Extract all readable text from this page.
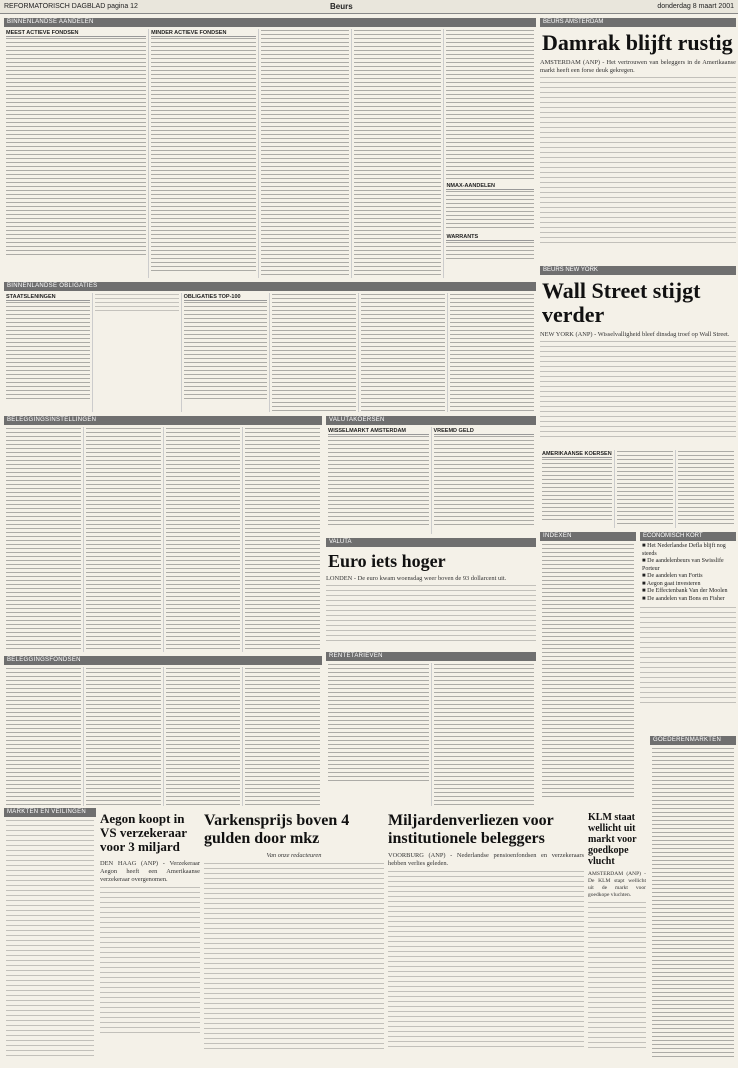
REFORMATORISCH DAGBLAD pagina 12	Beurs	donderdag 8 maart 2001
BINNENLANDSE AANDELEN
MEEST ACTIEVE FONDSEN	MINDER ACTIEVE FONDSEN
NMAX-AANDELEN
WARRANTS
BINNENLANDSE OBLIGATIES
STAATSLENINGEN	OBLIGATIES TOP-100
BELEGGINGSINSTELLINGEN	VALUTAKOERSEN
WISSELMARKT AMSTERDAM	VREEMD GELD
VALUTA
Euro iets hoger
LONDEN - De euro kwam woensdag weer boven de 93 dollarcent uit.
BELEGGINGSFONDSEN
RENTETARIEVEN
MARKTEN EN VEILINGEN	Aegon koopt in VS verzekeraar voor 3 miljard
DEN HAAG (ANP) - Verzekeraar Aegon heeft een Amerikaanse verzekeraar overgenomen.
Varkensprijs boven 4 gulden door mkz
Van onze redacteuren
Miljardenverliezen voor institutionele beleggers
VOORBURG (ANP) - Nederlandse pensioenfondsen en verzekeraars hebben verlies geleden.
KLM staat wellicht uit markt voor goedkope vlucht
AMSTERDAM (ANP) - De KLM stapt wellicht uit de markt voor goedkope vluchten.
BEURS AMSTERDAM
Damrak blijft rustig
AMSTERDAM (ANP) - Het vertrouwen van beleggers in de Amerikaanse markt heeft een forse deuk gekregen.
BEURS NEW YORK
Wall Street stijgt verder
NEW YORK (ANP) - Wisselvalligheid bleef dinsdag troef op Wall Street.
AMERIKAANSE KOERSEN
INDEXEN	ECONOMISCH KORT
■ Het Nederlandse Defla blijft nog steeds
■ De aandelenbeurs van Swisslife Porteur
■ De aandelen van Fortis
■ Aegon gaat investeren
■ De Effectenbank Van der Moolen
■ De aandelen van Bons en Fisher
GOEDERENMARKTEN
